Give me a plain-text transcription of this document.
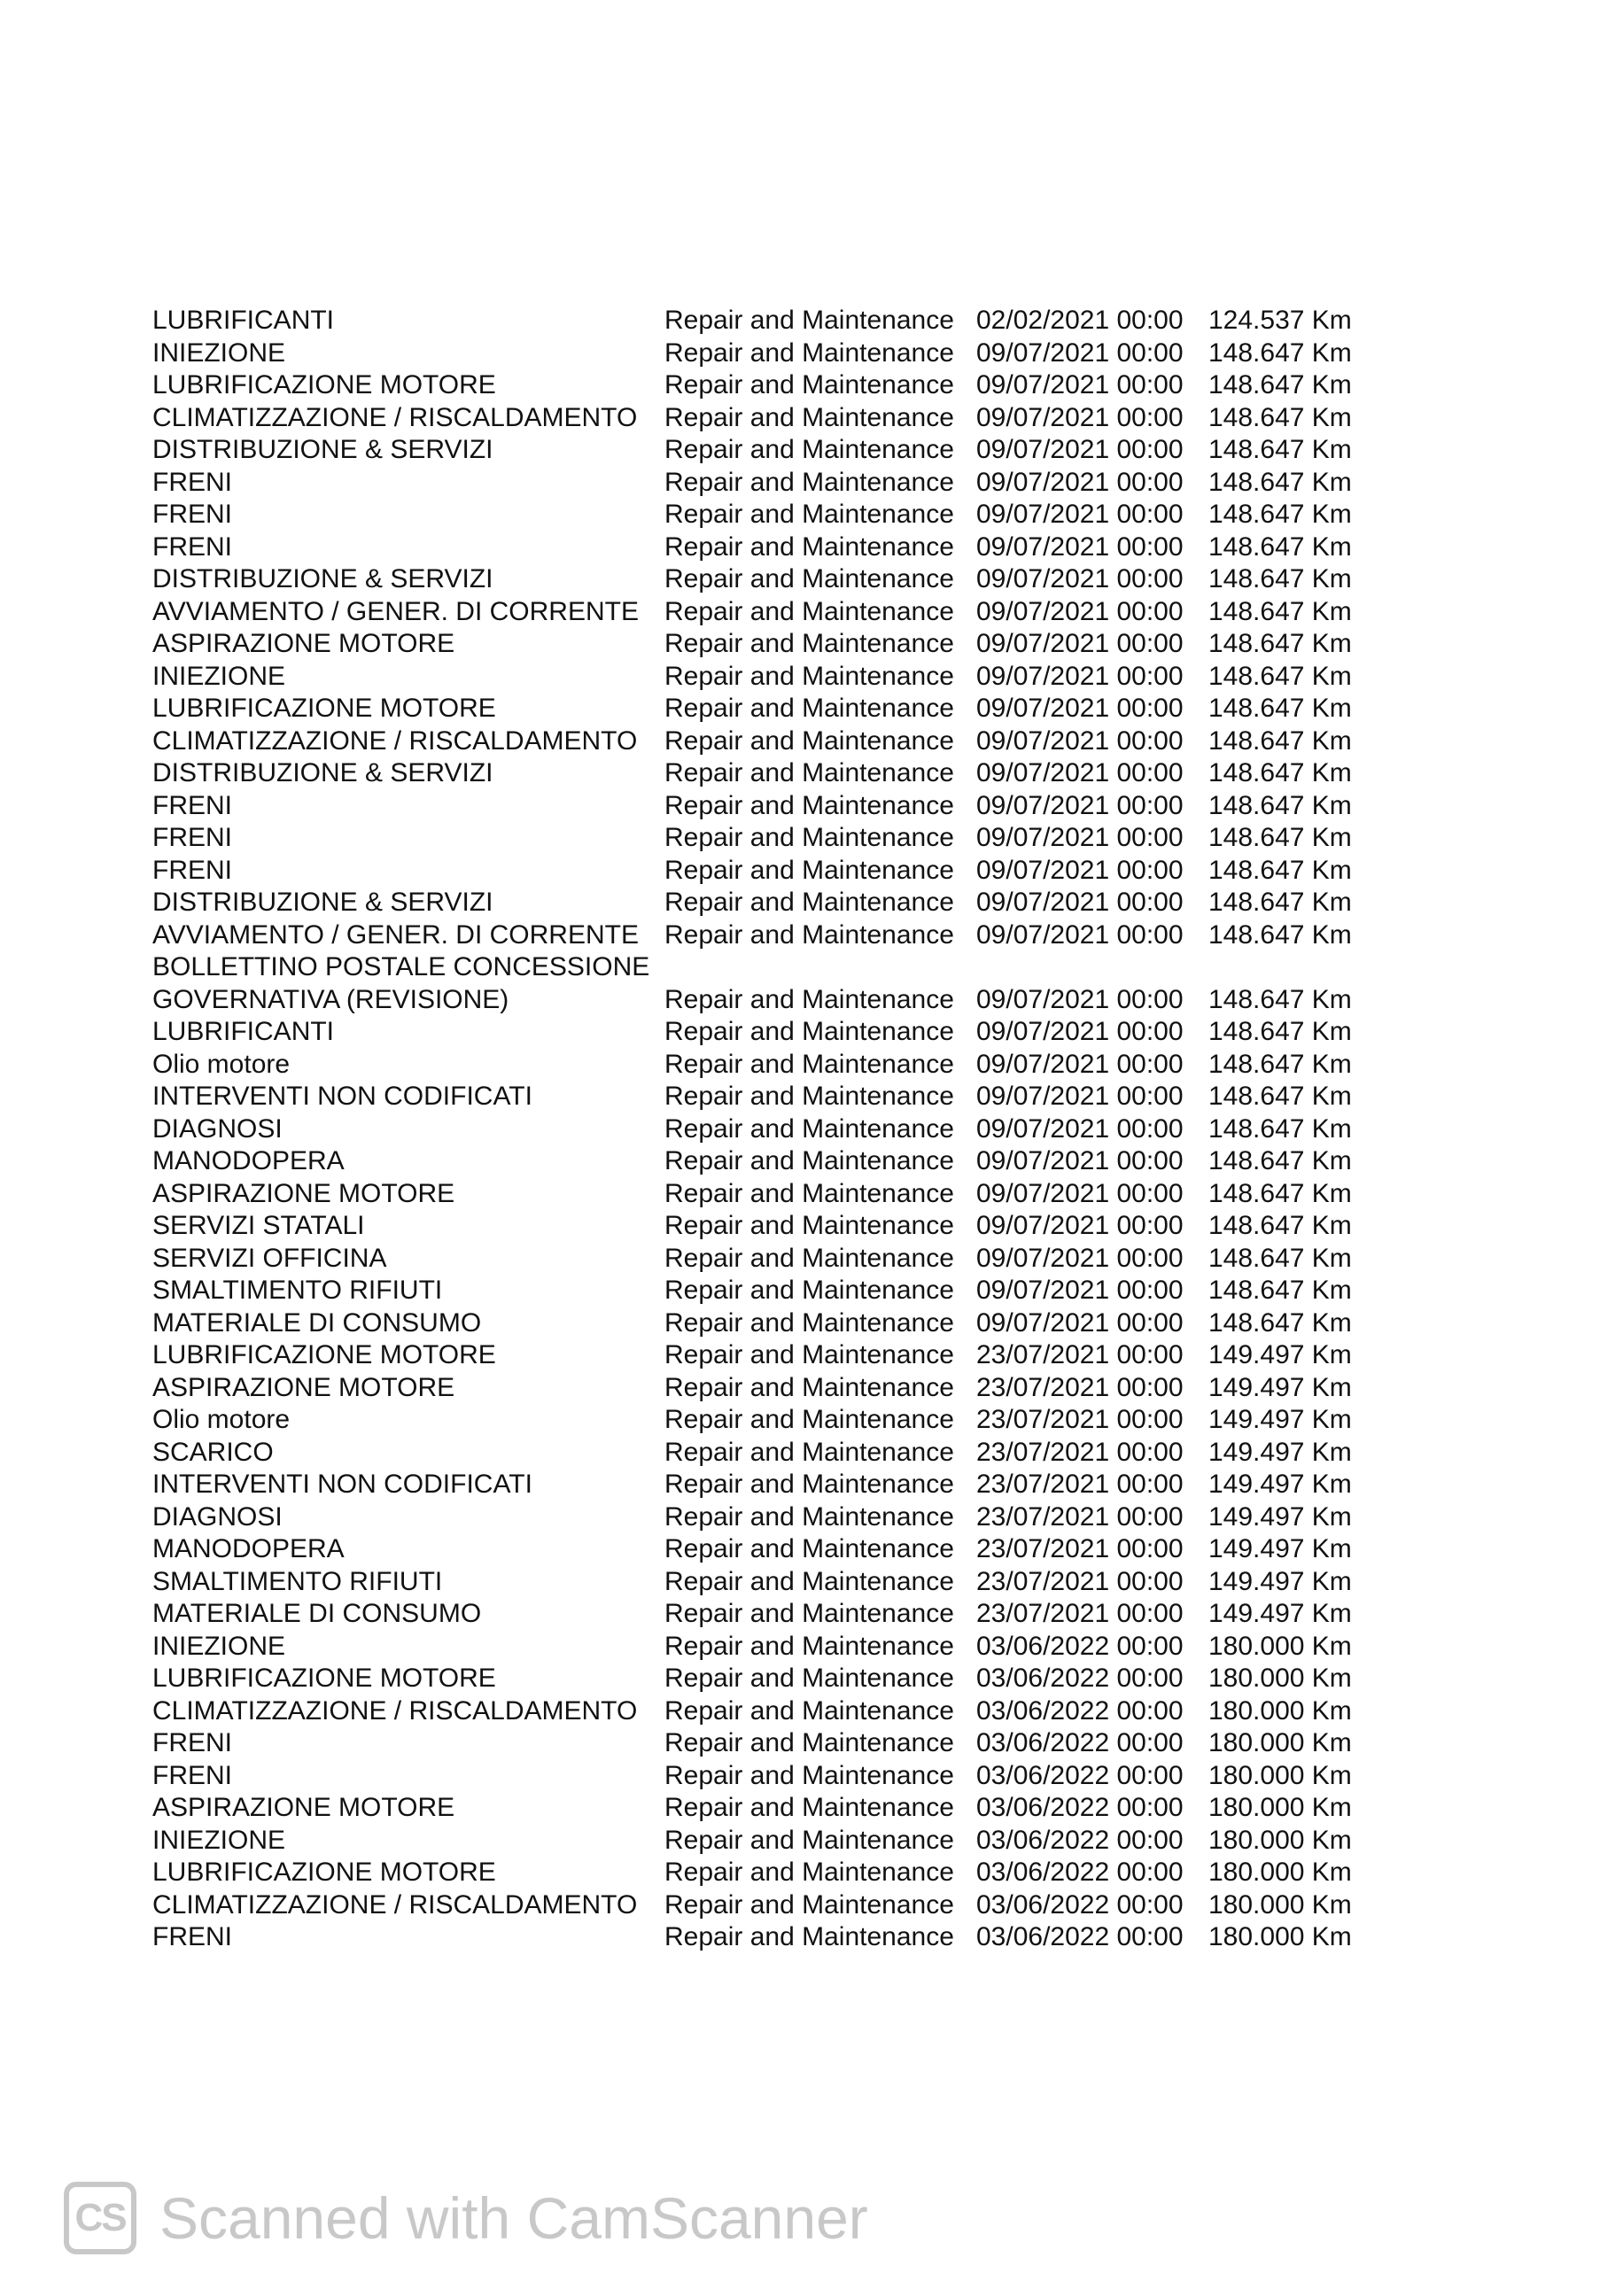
LUBRIFICANTI	Repair and Maintenance 02/02/2021 00:00 124.537 Km
INIEZIONE	Repair and Maintenance 09/07/2021 00:00 148.647 Km
LUBRIFICAZIONE MOTORE	Repair and Maintenance 09/07/2021 00:00 148.647 Km
CLIMATIZZAZIONE / RISCALDAMENTO	Repair and Maintenance 09/07/2021 00:00 148.647 Km
DISTRIBUZIONE & SERVIZI	Repair and Maintenance 09/07/2021 00:00 148.647 Km
FRENI	Repair and Maintenance 09/07/2021 00:00 148.647 Km
FRENI	Repair and Maintenance 09/07/2021 00:00 148.647 Km
FRENI	Repair and Maintenance 09/07/2021 00:00 148.647 Km
DISTRIBUZIONE & SERVIZI	Repair and Maintenance 09/07/2021 00:00 148.647 Km
AVVIAMENTO / GENER. DI CORRENTE Repair and Maintenance 09/07/2021 00:00 148.647 Km
ASPIRAZIONE MOTORE	Repair and Maintenance 09/07/2021 00:00 148.647 Km
INIEZIONE	Repair and Maintenance 09/07/2021 00:00 148.647 Km
LUBRIFICAZIONE MOTORE	Repair and Maintenance 09/07/2021 00:00 148.647 Km
CLIMATIZZAZIONE / RISCALDAMENTO	Repair and Maintenance 09/07/2021 00:00 148.647 Km
DISTRIBUZIONE & SERVIZI	Repair and Maintenance 09/07/2021 00:00 148.647 Km
FRENI	Repair and Maintenance 09/07/2021 00:00 148.647 Km
FRENI	Repair and Maintenance 09/07/2021 00:00 148.647 Km
FRENI	Repair and Maintenance 09/07/2021 00:00 148.647 Km
DISTRIBUZIONE & SERVIZI	Repair and Maintenance 09/07/2021 00:00 148.647 Km
AVVIAMENTO / GENER. DI CORRENTE Repair and Maintenance 09/07/2021 00:00 148.647 Km
BOLLETTINO POSTALE CONCESSIONE GOVERNATIVA (REVISIONE)	Repair and Maintenance 09/07/2021 00:00 148.647 Km
LUBRIFICANTI	Repair and Maintenance 09/07/2021 00:00 148.647 Km
Olio motore	Repair and Maintenance 09/07/2021 00:00 148.647 Km
INTERVENTI NON CODIFICATI	Repair and Maintenance 09/07/2021 00:00 148.647 Km
DIAGNOSI	Repair and Maintenance 09/07/2021 00:00 148.647 Km
MANODOPERA	Repair and Maintenance 09/07/2021 00:00 148.647 Km
ASPIRAZIONE MOTORE	Repair and Maintenance 09/07/2021 00:00 148.647 Km
SERVIZI STATALI	Repair and Maintenance 09/07/2021 00:00 148.647 Km
SERVIZI OFFICINA	Repair and Maintenance 09/07/2021 00:00 148.647 Km
SMALTIMENTO RIFIUTI	Repair and Maintenance 09/07/2021 00:00 148.647 Km
MATERIALE DI CONSUMO	Repair and Maintenance 09/07/2021 00:00 148.647 Km
LUBRIFICAZIONE MOTORE	Repair and Maintenance 23/07/2021 00:00 149.497 Km
ASPIRAZIONE MOTORE	Repair and Maintenance 23/07/2021 00:00 149.497 Km
Olio motore	Repair and Maintenance 23/07/2021 00:00 149.497 Km
SCARICO	Repair and Maintenance 23/07/2021 00:00 149.497 Km
INTERVENTI NON CODIFICATI	Repair and Maintenance 23/07/2021 00:00 149.497 Km
DIAGNOSI	Repair and Maintenance 23/07/2021 00:00 149.497 Km
MANODOPERA	Repair and Maintenance 23/07/2021 00:00 149.497 Km
SMALTIMENTO RIFIUTI	Repair and Maintenance 23/07/2021 00:00 149.497 Km
MATERIALE DI CONSUMO	Repair and Maintenance 23/07/2021 00:00 149.497 Km
INIEZIONE	Repair and Maintenance 03/06/2022 00:00 180.000 Km
LUBRIFICAZIONE MOTORE	Repair and Maintenance 03/06/2022 00:00 180.000 Km
CLIMATIZZAZIONE / RISCALDAMENTO	Repair and Maintenance 03/06/2022 00:00 180.000 Km
FRENI	Repair and Maintenance 03/06/2022 00:00 180.000 Km
FRENI	Repair and Maintenance 03/06/2022 00:00 180.000 Km
ASPIRAZIONE MOTORE	Repair and Maintenance 03/06/2022 00:00 180.000 Km
INIEZIONE	Repair and Maintenance 03/06/2022 00:00 180.000 Km
LUBRIFICAZIONE MOTORE	Repair and Maintenance 03/06/2022 00:00 180.000 Km
CLIMATIZZAZIONE / RISCALDAMENTO	Repair and Maintenance 03/06/2022 00:00 180.000 Km
FRENI	Repair and Maintenance 03/06/2022 00:00 180.000 Km
CS Scanned with CamScanner
